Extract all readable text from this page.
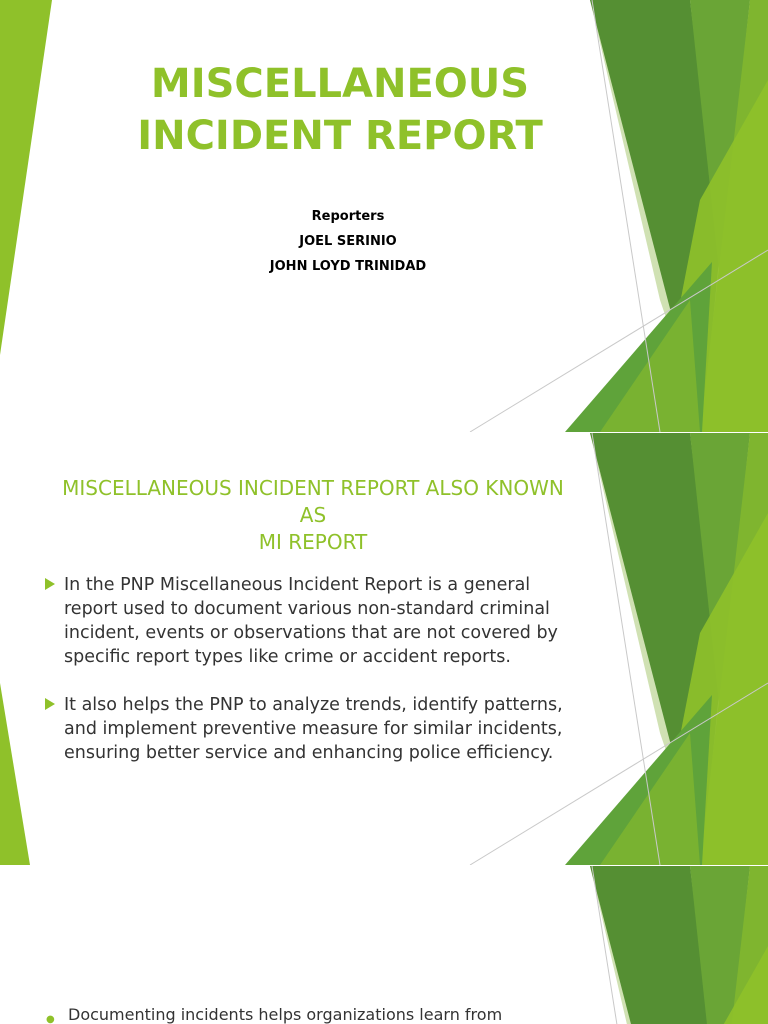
MISCELLANEOUS INCIDENT REPORT
Reporters
JOEL SERINIO
JOHN LOYD TRINIDAD
MISCELLANEOUS INCIDENT REPORT ALSO KNOWN AS
MI REPORT
In the PNP Miscellaneous Incident Report is a general report used to document various non-standard criminal incident, events or observations that are not covered by specific report types like crime or accident reports.
It also helps the PNP to analyze trends, identify patterns, and implement preventive measure for similar incidents, ensuring better service and enhancing police efficiency.
● Documenting incidents helps organizations learn from
